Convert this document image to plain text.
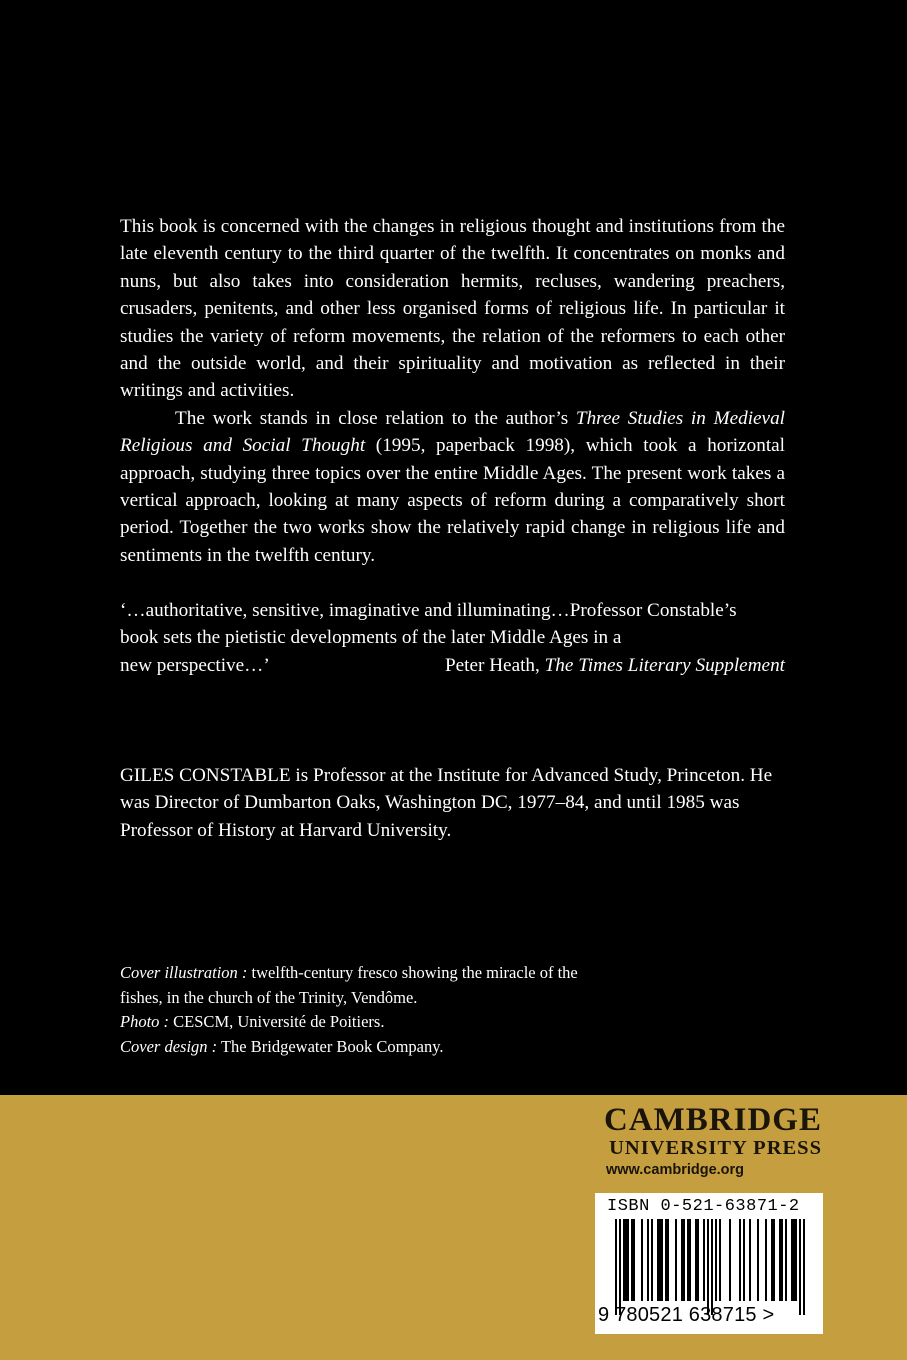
This book is concerned with the changes in religious thought and institutions from the late eleventh century to the third quarter of the twelfth. It concentrates on monks and nuns, but also takes into consideration hermits, recluses, wandering preachers, crusaders, penitents, and other less organised forms of religious life. In particular it studies the variety of reform movements, the relation of the reformers to each other and the outside world, and their spirituality and motivation as reflected in their writings and activities.

The work stands in close relation to the author’s Three Studies in Medieval Religious and Social Thought (1995, paperback 1998), which took a horizontal approach, studying three topics over the entire Middle Ages. The present work takes a vertical approach, looking at many aspects of reform during a comparatively short period. Together the two works show the relatively rapid change in religious life and sentiments in the twelfth century.

‘…authoritative, sensitive, imaginative and illuminating…Professor Constable’s

book sets the pietistic developments of the later Middle Ages in a

new perspective…’	Peter Heath, The Times Literary Supplement

GILES CONSTABLE is Professor at the Institute for Advanced Study, Princeton. He was Director of Dumbarton Oaks, Washington DC, 1977–84, and until 1985 was Professor of History at Harvard University.

Cover illustration : twelfth-century fresco showing the miracle of the fishes, in the church of the Trinity, Vendôme.

Photo : CESCM, Université de Poitiers.

Cover design : The Bridgewater Book Company.

CAMBRIDGE
UNIVERSITY PRESS
www.cambridge.org
ISBN 0-521-63871-2
9 780521 638715 >
